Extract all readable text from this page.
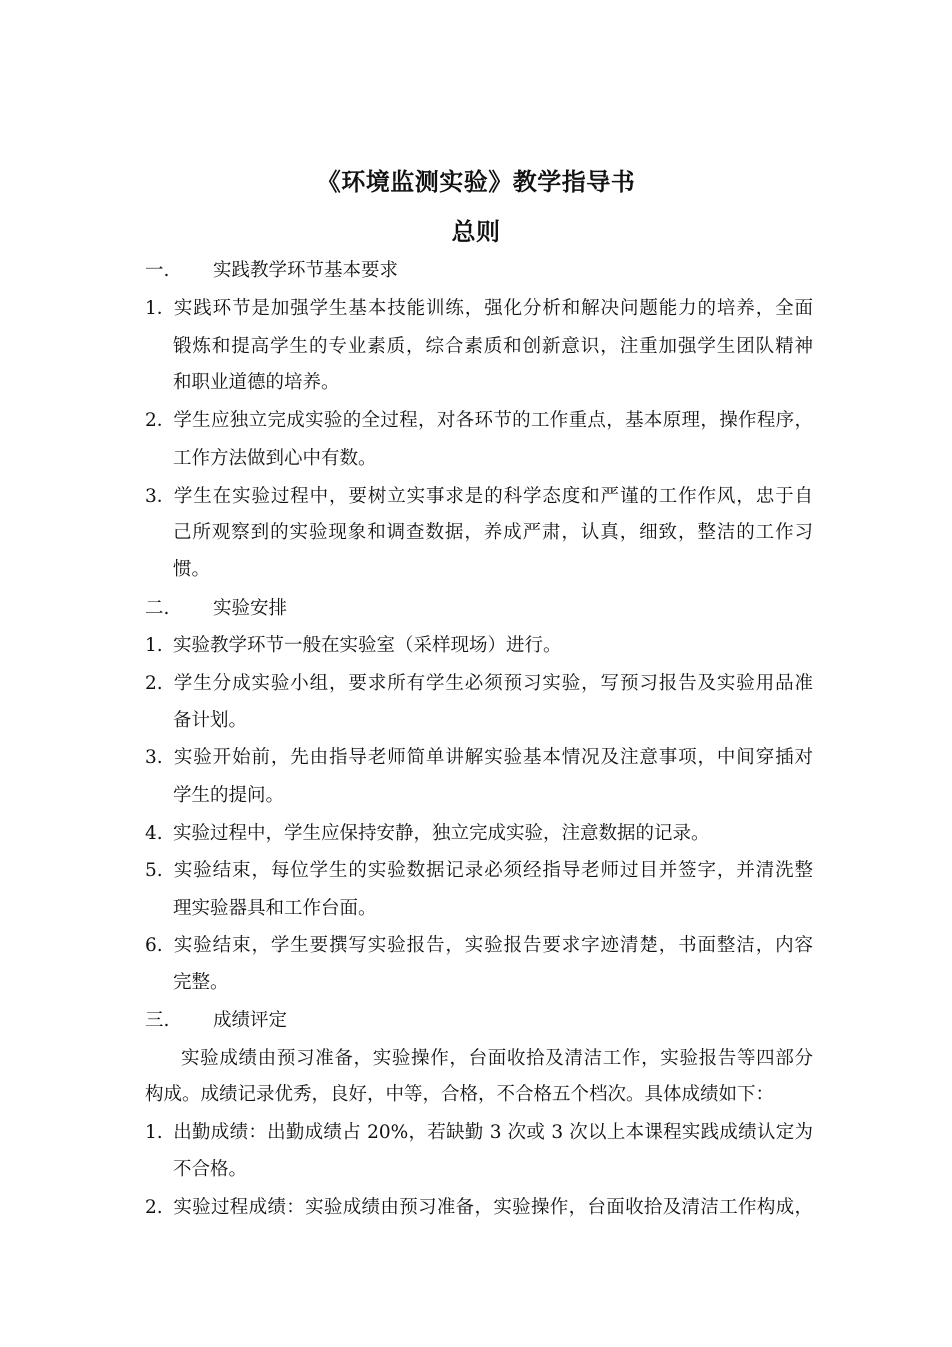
《环境监测实验》教学指导书
总则
一. 实践教学环节基本要求
1．实践环节是加强学生基本技能训练，强化分析和解决问题能力的培养，全面
锻炼和提高学生的专业素质，综合素质和创新意识，注重加强学生团队精神
和职业道德的培养。
2．学生应独立完成实验的全过程，对各环节的工作重点，基本原理，操作程序，
工作方法做到心中有数。
3．学生在实验过程中，要树立实事求是的科学态度和严谨的工作作风，忠于自
己所观察到的实验现象和调查数据，养成严肃，认真，细致，整洁的工作习
惯。
二. 实验安排
1. 实验教学环节一般在实验室（采样现场）进行。
2. 学生分成实验小组，要求所有学生必须预习实验，写预习报告及实验用品准
备计划。
3. 实验开始前，先由指导老师简单讲解实验基本情况及注意事项，中间穿插对
学生的提问。
4. 实验过程中，学生应保持安静，独立完成实验，注意数据的记录。
5. 实验结束，每位学生的实验数据记录必须经指导老师过目并签字，并清洗整
理实验器具和工作台面。
6. 实验结束，学生要撰写实验报告，实验报告要求字迹清楚，书面整洁，内容
完整。
三. 成绩评定
实验成绩由预习准备，实验操作，台面收拾及清洁工作，实验报告等四部分
构成。成绩记录优秀，良好，中等，合格，不合格五个档次。具体成绩如下：
1. 出勤成绩：出勤成绩占 20%，若缺勤 3 次或 3 次以上本课程实践成绩认定为
不合格。
2. 实验过程成绩：实验成绩由预习准备，实验操作，台面收拾及清洁工作构成，
